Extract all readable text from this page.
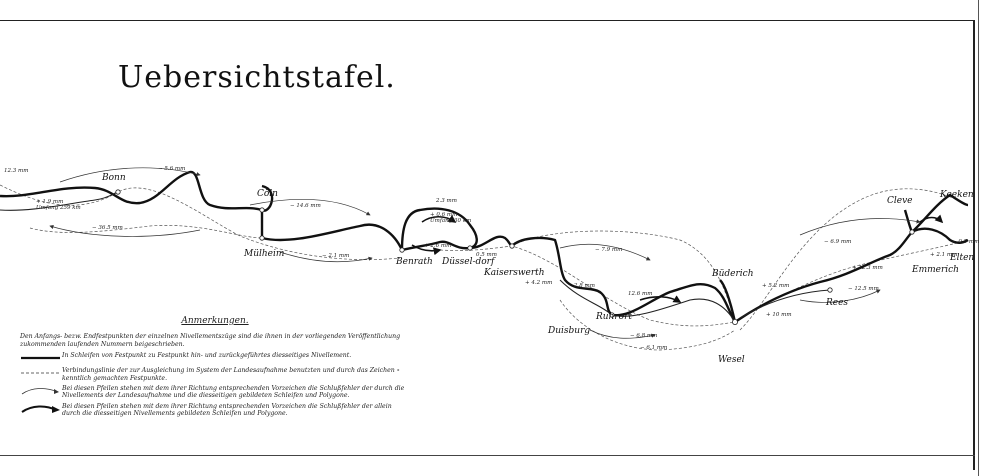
Uebersichtstafel.
Bonn
Cöln
Mülheim
Benrath Düssel-dorf
Kaiserswerth
Duisburg
Ruhrort
Büderich
Wesel
Rees
Cleve
Keeken
Emmerich
Elten
12.3 mm	− 5.6 mm
+ 1.9 mm
Umfang 259 km
− 36.5 mm
− 14.6 mm
− 2.1 mm
2.3 mm
+ 0.6 mm
Umfang 30 km
+ 2.6 mm
0.5 mm
− 7.9 mm
+ 4.2 mm	2.8 mm
12.6 mm
− 6.8 mm
− 6.1 mm
+ 10 mm
+ 5.2 mm
− 6.9 mm
+ 12.3 mm
+ 2.1 mm
− 0.5 mm
− 12.5 mm
Anmerkungen.
Den Anfangs- bezw. Endfestpunkten der einzelnen Nivellementszüge sind die ihnen in der vorliegenden Veröffentlichung zukommenden laufenden Nummern beigeschrieben.
In Schleifen von Festpunkt zu Festpunkt hin- und zurückgeführtes diesseitiges Nivellement.
Verbindungslinie der zur Ausgleichung im System der Landesaufnahme benutzten und durch das Zeichen ∘ kenntlich gemachten Festpunkte.
Bei diesen Pfeilen stehen mit dem ihrer Richtung entsprechenden Vorzeichen die Schlußfehler der durch die Nivellements der Landesaufnahme und die diesseitigen gebildeten Schleifen und Polygone.
Bei diesen Pfeilen stehen mit dem ihrer Richtung entsprechenden Vorzeichen die Schlußfehler der allein durch die diesseitigen Nivellements gebildeten Schleifen und Polygone.
